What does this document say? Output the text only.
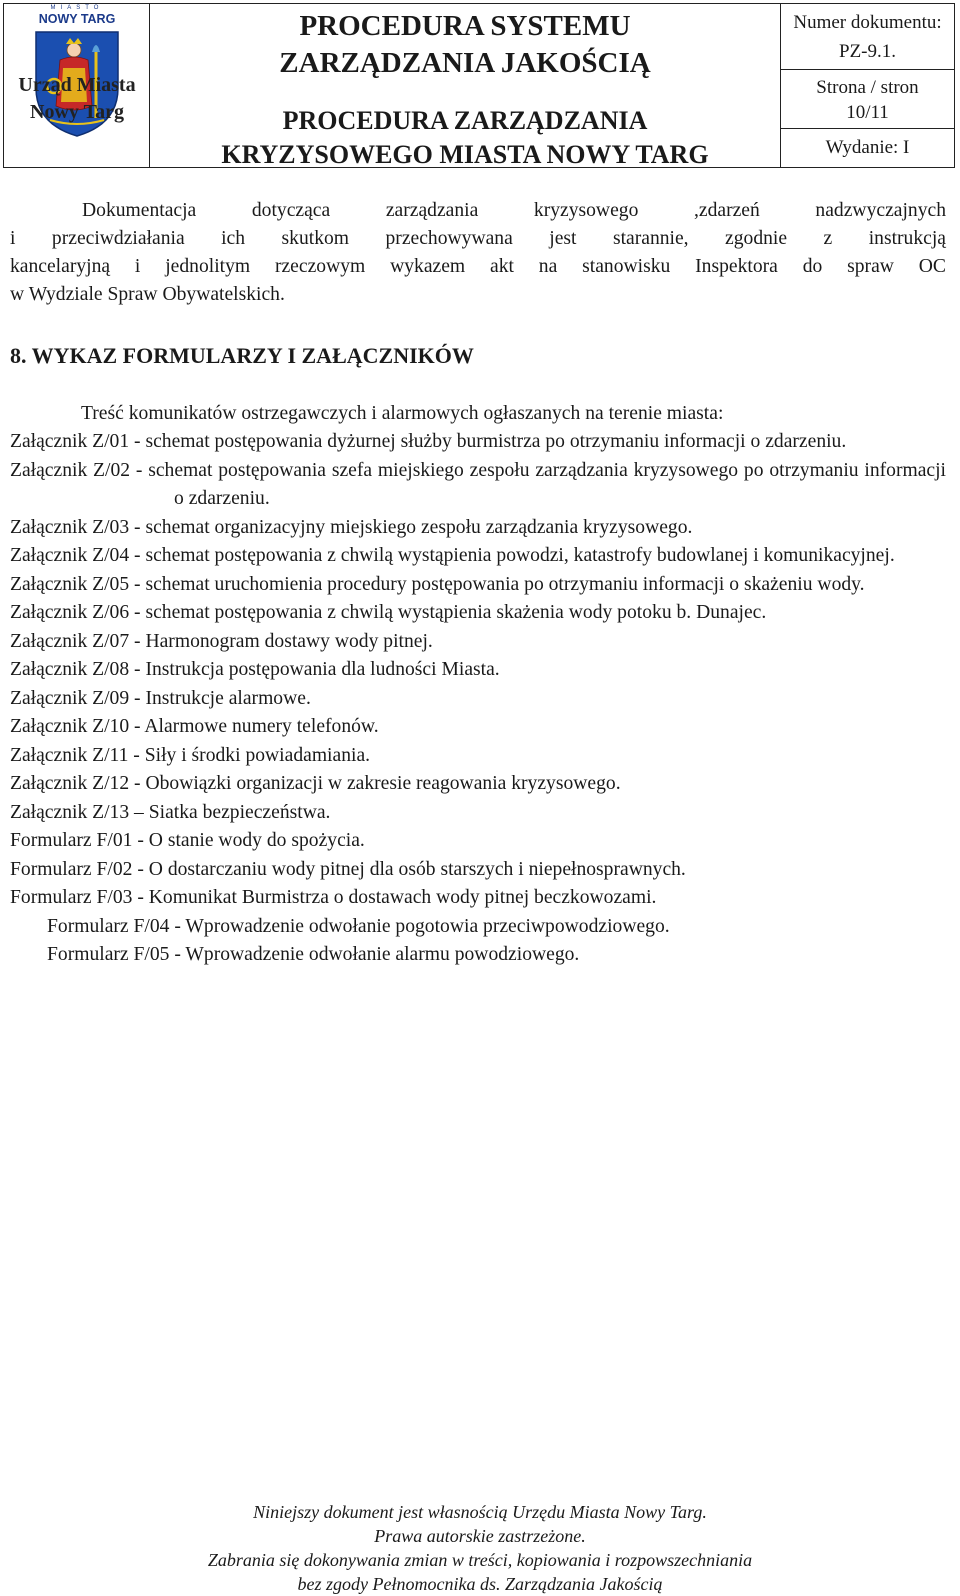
MIASTO
NOWY TARG
Urząd Miasta
Nowy Targ
PROCEDURA SYSTEMU
ZARZĄDZANIA JAKOŚCIĄ
PROCEDURA ZARZĄDZANIA
KRYZYSOWEGO MIASTA NOWY TARG
Numer dokumentu:
PZ-9.1.
Strona / stron
10/11
Wydanie: I
Dokumentacja dotycząca zarządzania kryzysowego ,zdarzeń nadzwyczajnych
i przeciwdziałania ich skutkom przechowywana jest starannie, zgodnie z instrukcją
kancelaryjną i jednolitym rzeczowym wykazem akt na stanowisku Inspektora do spraw OC
w Wydziale Spraw Obywatelskich.
8. WYKAZ FORMULARZY I ZAŁĄCZNIKÓW
Treść komunikatów ostrzegawczych i alarmowych ogłaszanych na terenie miasta:
Załącznik Z/01 - schemat postępowania dyżurnej służby burmistrza po otrzymaniu informacji o zdarzeniu.
Załącznik Z/02 - schemat postępowania szefa miejskiego zespołu zarządzania kryzysowego po otrzymaniu informacji o zdarzeniu.
Załącznik Z/03 - schemat organizacyjny miejskiego zespołu zarządzania kryzysowego.
Załącznik Z/04 - schemat postępowania z chwilą wystąpienia powodzi, katastrofy budowlanej i komunikacyjnej.
Załącznik Z/05 - schemat uruchomienia procedury postępowania po otrzymaniu informacji o skażeniu wody.
Załącznik Z/06 - schemat postępowania z chwilą wystąpienia skażenia wody potoku b. Dunajec.
Załącznik Z/07 - Harmonogram dostawy wody pitnej.
Załącznik Z/08 - Instrukcja postępowania dla ludności Miasta.
Załącznik Z/09 - Instrukcje alarmowe.
Załącznik Z/10 - Alarmowe numery telefonów.
Załącznik Z/11 - Siły i środki powiadamiania.
Załącznik Z/12 - Obowiązki organizacji w zakresie reagowania kryzysowego.
Załącznik Z/13 – Siatka bezpieczeństwa.
Formularz F/01 - O stanie wody do spożycia.
Formularz F/02 - O dostarczaniu wody pitnej dla osób starszych i niepełnosprawnych.
Formularz F/03 - Komunikat Burmistrza o dostawach wody pitnej beczkowozami.
Formularz F/04 - Wprowadzenie odwołanie pogotowia przeciwpowodziowego.
Formularz F/05 - Wprowadzenie odwołanie alarmu powodziowego.
Niniejszy dokument jest własnością Urzędu Miasta Nowy Targ.
Prawa autorskie zastrzeżone.
Zabrania się dokonywania zmian w treści, kopiowania i rozpowszechniania
bez zgody Pełnomocnika ds. Zarządzania Jakością
